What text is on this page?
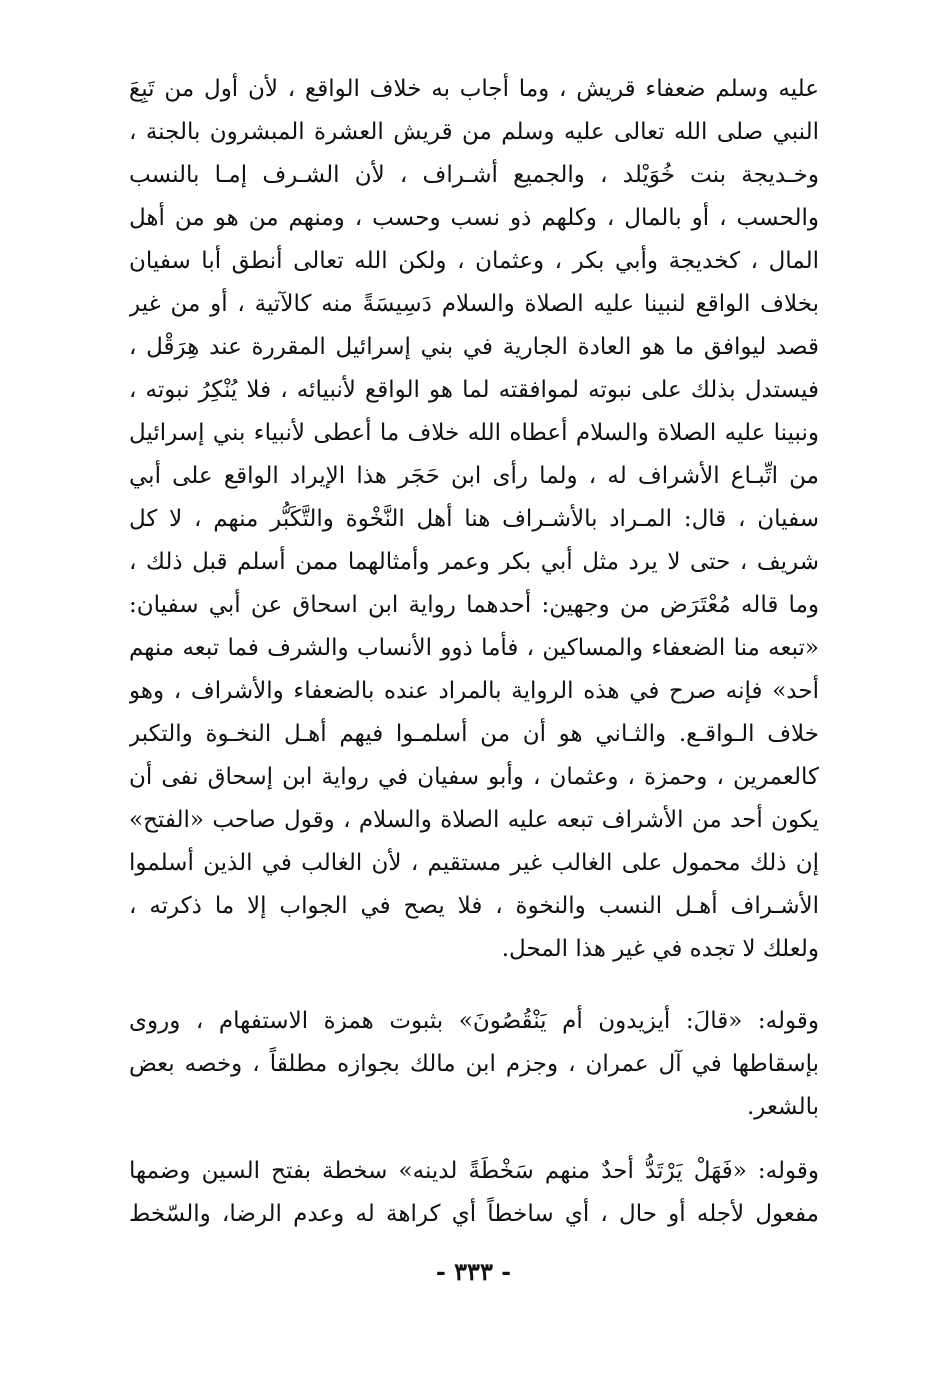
عليه وسلم ضعفاء قريش ، وما أجاب به خلاف الواقع ، لأن أول من تَبِعَ
النبي صلى الله تعالى عليه وسلم من قريش العشرة المبشرون بالجنة ،
وخـديجة بنت خُوَيْلد ، والجميع أشـراف ، لأن الشـرف إمـا بالنسب
والحسب ، أو بالمال ، وكلهم ذو نسب وحسب ، ومنهم من هو من أهل
المال ، كخديجة وأبي بكر ، وعثمان ، ولكن الله تعالى أنطق أبا سفيان
بخلاف الواقع لنبينا عليه الصلاة والسلام دَسِيسَةً منه كالآتية ، أو من غير
قصد ليوافق ما هو العادة الجارية في بني إسرائيل المقررة عند هِرَقْل ،
فيستدل بذلك على نبوته لموافقته لما هو الواقع لأنبيائه ، فلا يُنْكِرُ نبوته ،
ونبينا عليه الصلاة والسلام أعطاه الله خلاف ما أعطى لأنبياء بني إسرائيل
من اتِّبـاع الأشراف له ، ولما رأى ابن حَجَر هذا الإيراد الواقع على أبي
سفيان ، قال: المـراد بالأشـراف هنا أهل النَّخْوة والتَّكَبُّر منهم ، لا كل
شريف ، حتى لا يرد مثل أبي بكر وعمر وأمثالهما ممن أسلم قبل ذلك ،
وما قاله مُعْتَرَض من وجهين: أحدهما رواية ابن اسحاق عن أبي سفيان:
«تبعه منا الضعفاء والمساكين ، فأما ذوو الأنساب والشرف فما تبعه منهم
أحد» فإنه صرح في هذه الرواية بالمراد عنده بالضعفاء والأشراف ، وهو
خلاف الـواقـع. والثـاني هو أن من أسلمـوا فيهم أهـل النخـوة والتكبر
كالعمرين ، وحمزة ، وعثمان ، وأبو سفيان في رواية ابن إسحاق نفى أن
يكون أحد من الأشراف تبعه عليه الصلاة والسلام ، وقول صاحب «الفتح»
إن ذلك محمول على الغالب غير مستقيم ، لأن الغالب في الذين أسلموا
الأشـراف أهـل النسب والنخوة ، فلا يصح في الجواب إلا ما ذكرته ،
ولعلك لا تجده في غير هذا المحل.
وقوله: «قالَ: أيزيدون أم يَنْقُصُونَ» بثبوت همزة الاستفهام ، وروى
بإسقاطها في آل عمران ، وجزم ابن مالك بجوازه مطلقاً ، وخصه بعض
بالشعر.
وقوله: «فَهَلْ يَرْتَدُّ أحدٌ منهم سَخْطَةً لدينه» سخطة بفتح السين وضمها
مفعول لأجله أو حال ، أي ساخطاً أي كراهة له وعدم الرضا، والسّخط
- ٣٣٣ -
